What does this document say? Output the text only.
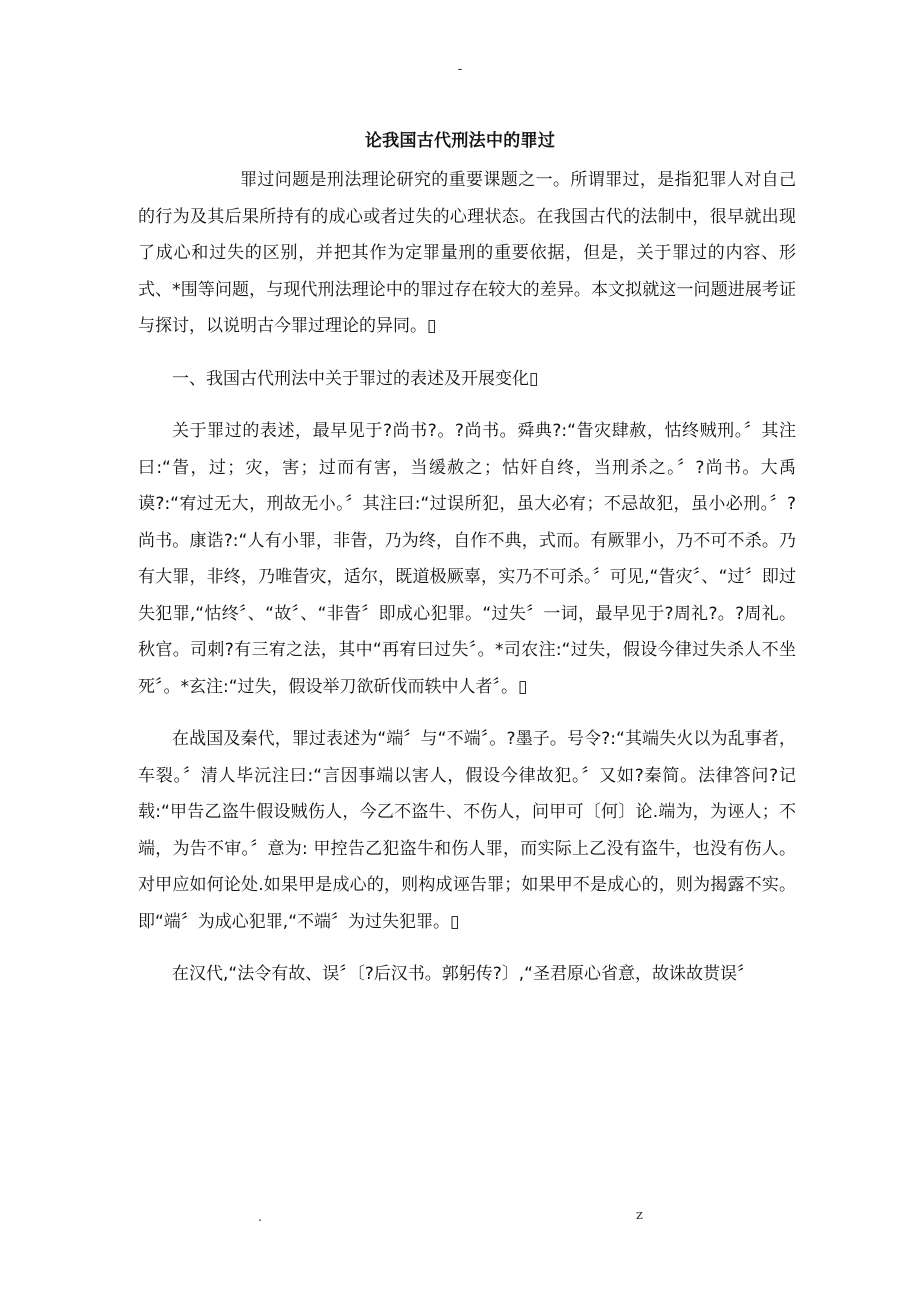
-
论我国古代刑法中的罪过

罪过问题是刑法理论研究的重要课题之一。所谓罪过，是指犯罪人对自己的行为及其后果所持有的成心或者过失的心理状态。在我国古代的法制中，很早就出现了成心和过失的区别，并把其作为定罪量刑的重要依据，但是，关于罪过的内容、形式、*围等问题，与现代刑法理论中的罪过存在较大的差异。本文拟就这一问题进展考证与探讨，以说明古今罪过理论的异同。▯

一、我国古代刑法中关于罪过的表述及开展变化▯

关于罪过的表述，最早见于?尚书?。?尚书。舜典?:“眚灾肆赦，怙终贼刑。〞其注曰:“眚，过；灾，害；过而有害，当缓赦之；怙奸自终，当刑杀之。〞?尚书。大禹谟?:“宥过无大，刑故无小。〞其注曰:“过误所犯，虽大必宥；不忌故犯，虽小必刑。〞?尚书。康诰?:“人有小罪，非眚，乃为终，自作不典，式而。有厥罪小，乃不可不杀。乃有大罪，非终，乃唯眚灾，适尔，既道极厥辜，实乃不可杀。〞可见,“眚灾〞、“过〞即过失犯罪,“怙终〞、“故〞、“非眚〞即成心犯罪。“过失〞一词，最早见于?周礼?。?周礼。秋官。司刺?有三宥之法，其中“再宥曰过失〞。*司农注:“过失，假设今律过失杀人不坐死〞。*玄注:“过失，假设举刀欲斫伐而轶中人者〞。▯

在战国及秦代，罪过表述为“端〞与“不端〞。?墨子。号令?:“其端失火以为乱事者，车裂。〞清人毕沅注曰:“言因事端以害人，假设今律故犯。〞又如?秦简。法律答问?记载:“甲告乙盗牛假设贼伤人，今乙不盗牛、不伤人，问甲可〔何〕论.端为，为诬人；不端，为告不审。〞意为: 甲控告乙犯盗牛和伤人罪，而实际上乙没有盗牛，也没有伤人。对甲应如何论处.如果甲是成心的，则构成诬告罪；如果甲不是成心的，则为揭露不实。即“端〞为成心犯罪,“不端〞为过失犯罪。▯

在汉代,“法令有故、误〞〔?后汉书。郭躬传?〕,“圣君原心省意，故诛故贳误〞

.	z
